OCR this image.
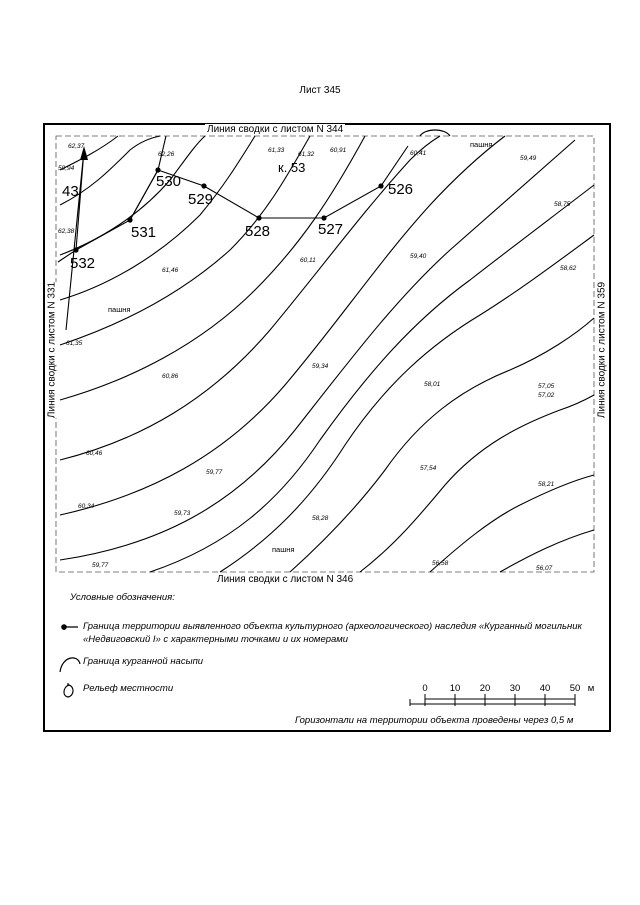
Лист 345
526
527
528
529
530
531
532
43
к. 53
пашня
пашня
пашня
62,37
59,94
62,26
61,33
61,32
60,91	60,41
59,49
58,75
62,38
61,46
60,11
59,40
58,62
61,35
60,86
59,34
58,01	57,05
57,02
60,46
59,77
57,54
60,34
59,73
58,28
58,21
59,77	56,58
56,07
Линия сводки с листом N 344
Линия сводки с листом N 346
Линия сводки с листом N 331	Линия сводки с листом N 359
Условные обозначения:
Граница территории выявленного объекта культурного (археологического) наследия «Курганный могильник «Недвиговский I» с характерными точками и их номерами
Граница курганной насыпи
Рельеф местности	0 10 20 30 40 50 м
Горизонтали на территории объекта проведены через 0,5 м
